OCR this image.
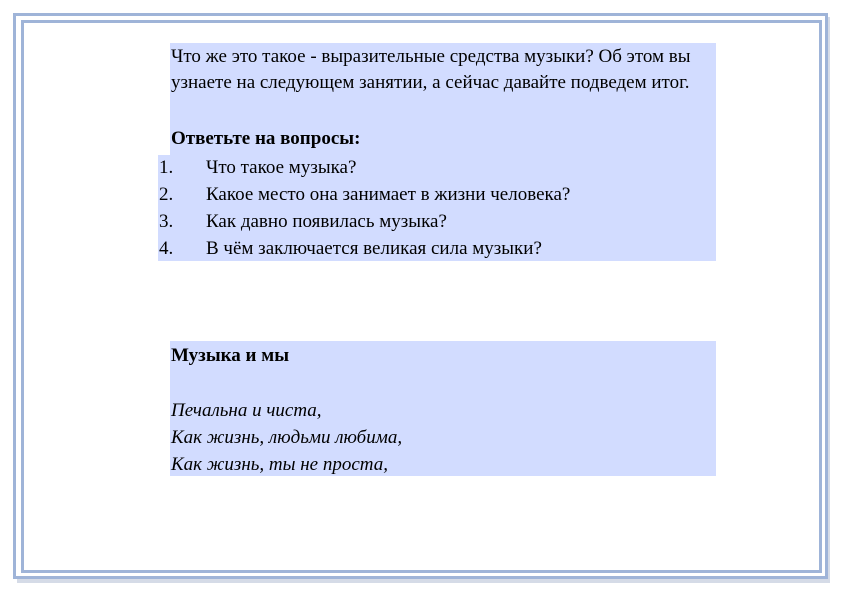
Что же это такое - выразительные средства музыки? Об этом вы узнаете на следующем занятии, а сейчас давайте подведем итог.
Ответьте на вопросы:
1. Что такое музыка?
2. Какое место она занимает в жизни человека?
3. Как давно появилась музыка?
4. В чём заключается великая сила музыки?
Музыка и мы
Печальна и чиста,
Как жизнь, людьми любима,
Как жизнь, ты не проста,
